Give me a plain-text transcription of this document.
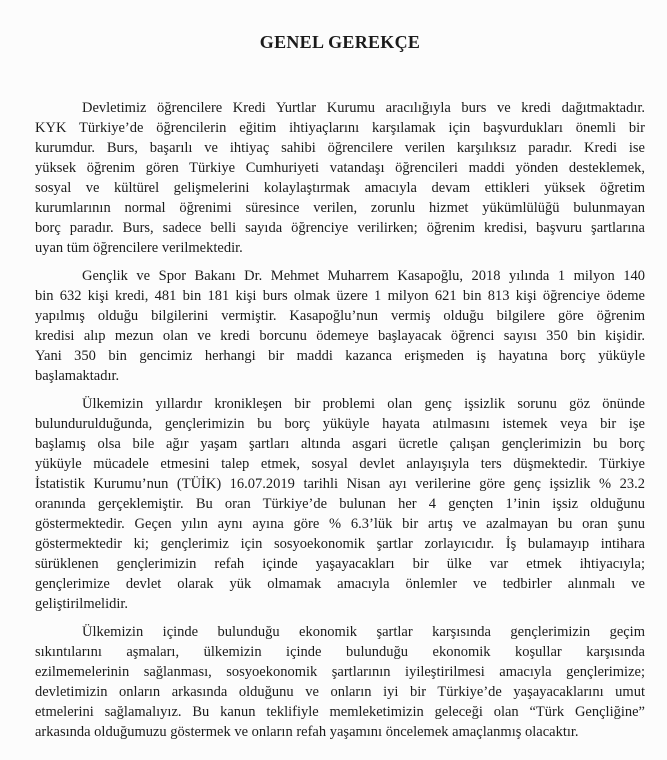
GENEL GEREKÇE
Devletimiz öğrencilere Kredi Yurtlar Kurumu aracılığıyla burs ve kredi dağıtmaktadır.
KYK Türkiye’de öğrencilerin eğitim ihtiyaçlarını karşılamak için başvurdukları önemli bir
kurumdur. Burs, başarılı ve ihtiyaç sahibi öğrencilere verilen karşılıksız paradır. Kredi ise
yüksek öğrenim gören Türkiye Cumhuriyeti vatandaşı öğrencileri maddi yönden desteklemek,
sosyal ve kültürel gelişmelerini kolaylaştırmak amacıyla devam ettikleri yüksek öğretim
kurumlarının normal öğrenimi süresince verilen, zorunlu hizmet yükümlülüğü bulunmayan
borç paradır. Burs, sadece belli sayıda öğrenciye verilirken; öğrenim kredisi, başvuru şartlarına
uyan tüm öğrencilere verilmektedir.
Gençlik ve Spor Bakanı Dr. Mehmet Muharrem Kasapoğlu, 2018 yılında 1 milyon 140
bin 632 kişi kredi, 481 bin 181 kişi burs olmak üzere 1 milyon 621 bin 813 kişi öğrenciye ödeme
yapılmış olduğu bilgilerini vermiştir. Kasapoğlu’nun vermiş olduğu bilgilere göre öğrenim
kredisi alıp mezun olan ve kredi borcunu ödemeye başlayacak öğrenci sayısı 350 bin kişidir.
Yani 350 bin gencimiz herhangi bir maddi kazanca erişmeden iş hayatına borç yüküyle
başlamaktadır.
Ülkemizin yıllardır kronikleşen bir problemi olan genç işsizlik sorunu göz önünde
bulundurulduğunda, gençlerimizin bu borç yüküyle hayata atılmasını istemek veya bir işe
başlamış olsa bile ağır yaşam şartları altında asgari ücretle çalışan gençlerimizin bu borç
yüküyle mücadele etmesini talep etmek, sosyal devlet anlayışıyla ters düşmektedir. Türkiye
İstatistik Kurumu’nun (TÜİK) 16.07.2019 tarihli Nisan ayı verilerine göre genç işsizlik % 23.2
oranında gerçeklemiştir. Bu oran Türkiye’de bulunan her 4 gençten 1’inin işsiz olduğunu
göstermektedir. Geçen yılın aynı ayına göre % 6.3’lük bir artış ve azalmayan bu oran şunu
göstermektedir ki; gençlerimiz için sosyoekonomik şartlar zorlayıcıdır. İş bulamayıp intihara
sürüklenen gençlerimizin refah içinde yaşayacakları bir ülke var etmek ihtiyacıyla;
gençlerimize devlet olarak yük olmamak amacıyla önlemler ve tedbirler alınmalı ve
geliştirilmelidir.
Ülkemizin içinde bulunduğu ekonomik şartlar karşısında gençlerimizin geçim
sıkıntılarını aşmaları, ülkemizin içinde bulunduğu ekonomik koşullar karşısında
ezilmemelerinin sağlanması, sosyoekonomik şartlarının iyileştirilmesi amacıyla gençlerimize;
devletimizin onların arkasında olduğunu ve onların iyi bir Türkiye’de yaşayacaklarını umut
etmelerini sağlamalıyız. Bu kanun teklifiyle memleketimizin geleceği olan “Türk Gençliğine”
arkasında olduğumuzu göstermek ve onların refah yaşamını öncelemek amaçlanmış olacaktır.
